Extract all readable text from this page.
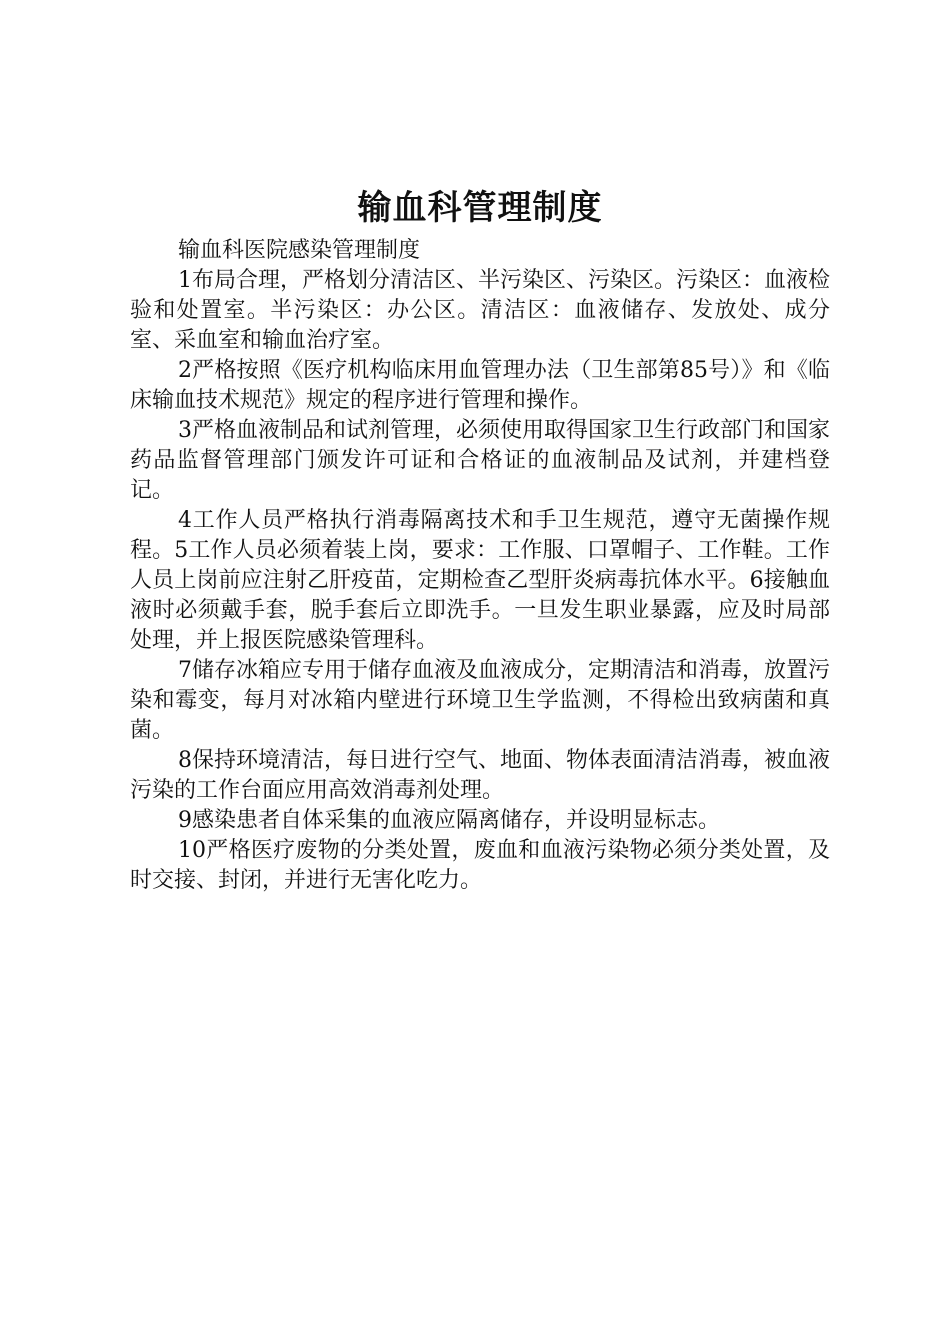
输血科管理制度

输血科医院感染管理制度

1布局合理，严格划分清洁区、半污染区、污染区。污染区：血液检验和处置室。半污染区：办公区。清洁区：血液储存、发放处、成分室、采血室和输血治疗室。

2严格按照《医疗机构临床用血管理办法（卫生部第85号）》和《临床输血技术规范》规定的程序进行管理和操作。

3严格血液制品和试剂管理，必须使用取得国家卫生行政部门和国家药品监督管理部门颁发许可证和合格证的血液制品及试剂，并建档登记。

4工作人员严格执行消毒隔离技术和手卫生规范，遵守无菌操作规程。5工作人员必须着装上岗，要求：工作服、口罩帽子、工作鞋。工作人员上岗前应注射乙肝疫苗，定期检查乙型肝炎病毒抗体水平。6接触血液时必须戴手套，脱手套后立即洗手。一旦发生职业暴露，应及时局部处理，并上报医院感染管理科。

7储存冰箱应专用于储存血液及血液成分，定期清洁和消毒，放置污染和霉变，每月对冰箱内壁进行环境卫生学监测，不得检出致病菌和真菌。

8保持环境清洁，每日进行空气、地面、物体表面清洁消毒，被血液污染的工作台面应用高效消毒剂处理。

9感染患者自体采集的血液应隔离储存，并设明显标志。

10严格医疗废物的分类处置，废血和血液污染物必须分类处置，及时交接、封闭，并进行无害化吃力。
